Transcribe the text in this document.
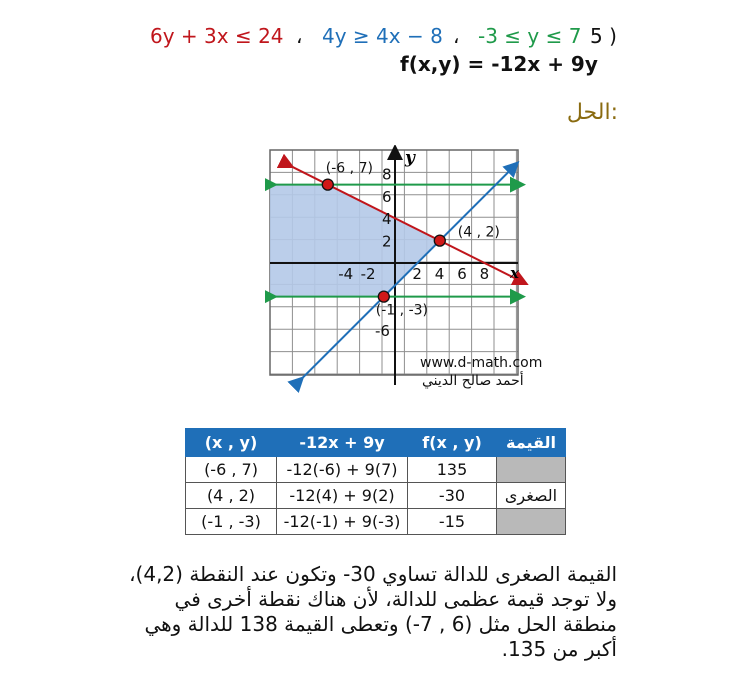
5 )
-3 ≤ y ≤ 7
،
4y ≥ 4x − 8
،
6y + 3x ≤ 24
f(x,y) = -12x + 9y
الحل:
-4 -2 2 4 6 8
8
6
4
2
-6
(-6 , 7)
(4 , 2)
(-1 , -3)
y
x
www.d-math.com
أحمد صالح الديني
(x , y)	-12x + 9y	f(x , y)	القيمة
(-6 , 7)	-12(-6) + 9(7)	135	
(4 , 2)	-12(4) + 9(2)	-30	الصغرى
(-1 , -3)	-12(-1) + 9(-3)	-15	
القيمة الصغرى للدالة تساوي 30- وتكون عند النقطة (4,2)،
ولا توجد قيمة عظمى للدالة، لأن هناك نقطة أخرى في
منطقة الحل مثل (6 , 7-) وتعطى القيمة 138 للدالة وهي
أكبر من 135.
